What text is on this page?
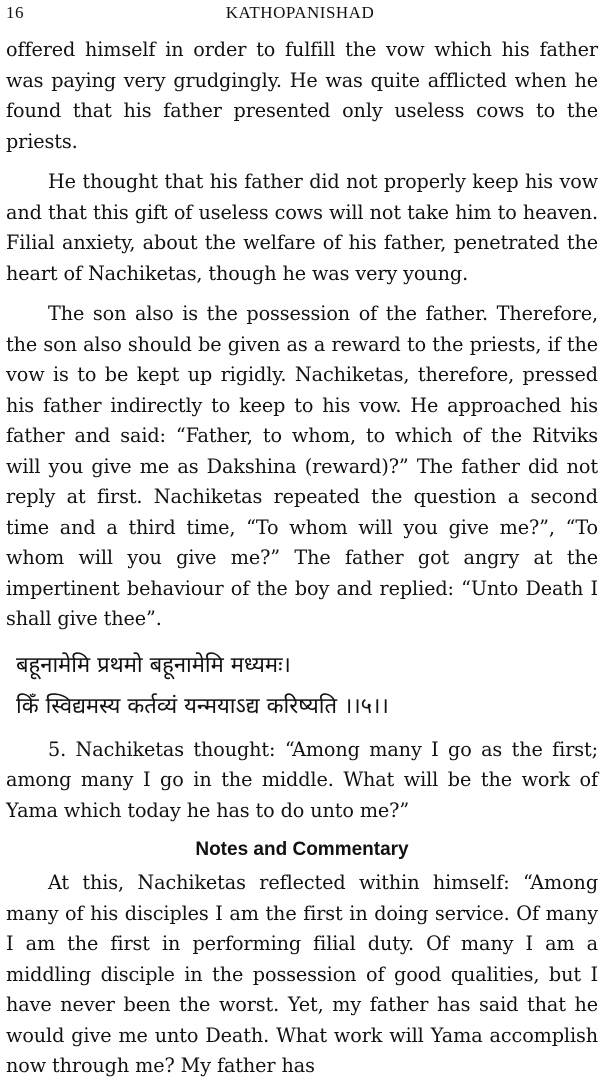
16	KATHOPANISHAD

offered himself in order to fulfill the vow which his father was paying very grudgingly. He was quite afflicted when he found that his father presented only useless cows to the priests.

He thought that his father did not properly keep his vow and that this gift of useless cows will not take him to heaven. Filial anxiety, about the welfare of his father, penetrated the heart of Nachiketas, though he was very young.

The son also is the possession of the father. Therefore, the son also should be given as a reward to the priests, if the vow is to be kept up rigidly. Nachiketas, therefore, pressed his father indirectly to keep to his vow. He approached his father and said: “Father, to whom, to which of the Ritviks will you give me as Dakshina (reward)?” The father did not reply at first. Nachiketas repeated the question a second time and a third time, “To whom will you give me?”, “To whom will you give me?” The father got angry at the impertinent behaviour of the boy and replied: “Unto Death I shall give thee”.

बहूनामेमि प्रथमो बहूनामेमि मध्यमः।
किँ स्विद्यमस्य कर्तव्यं यन्मयाऽद्य करिष्यति ।।५।।

5. Nachiketas thought: “Among many I go as the first; among many I go in the middle. What will be the work of Yama which today he has to do unto me?”

Notes and Commentary

At this, Nachiketas reflected within himself: “Among many of his disciples I am the first in doing service. Of many I am the first in performing filial duty. Of many I am a middling disciple in the possession of good qualities, but I have never been the worst. Yet, my father has said that he would give me unto Death. What work will Yama accomplish now through me? My father has
